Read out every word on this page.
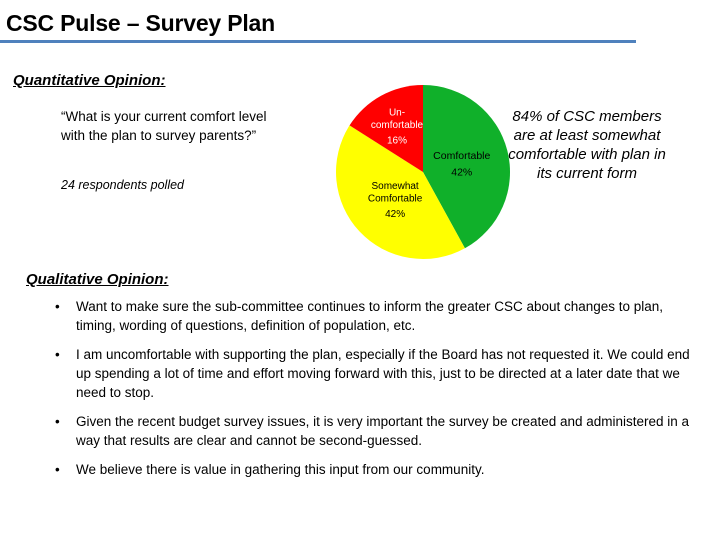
CSC Pulse – Survey Plan
Quantitative Opinion:
“What is your current comfort level with the plan to survey parents?”
24 respondents polled
Comfortable
42%
Somewhat
Comfortable
42%
Un-
comfortable
16%
84% of CSC members are at least somewhat comfortable with plan in its current form
Qualitative Opinion:
• Want to make sure the sub-committee continues to inform the greater CSC about changes to plan, timing, wording of questions, definition of population, etc.
• I am uncomfortable with supporting the plan, especially if the Board has not requested it. We could end up spending a lot of time and effort moving forward with this, just to be directed at a later date that we need to stop.
• Given the recent budget survey issues, it is very important the survey be created and administered in a way that results are clear and cannot be second-guessed.
• We believe there is value in gathering this input from our community.
